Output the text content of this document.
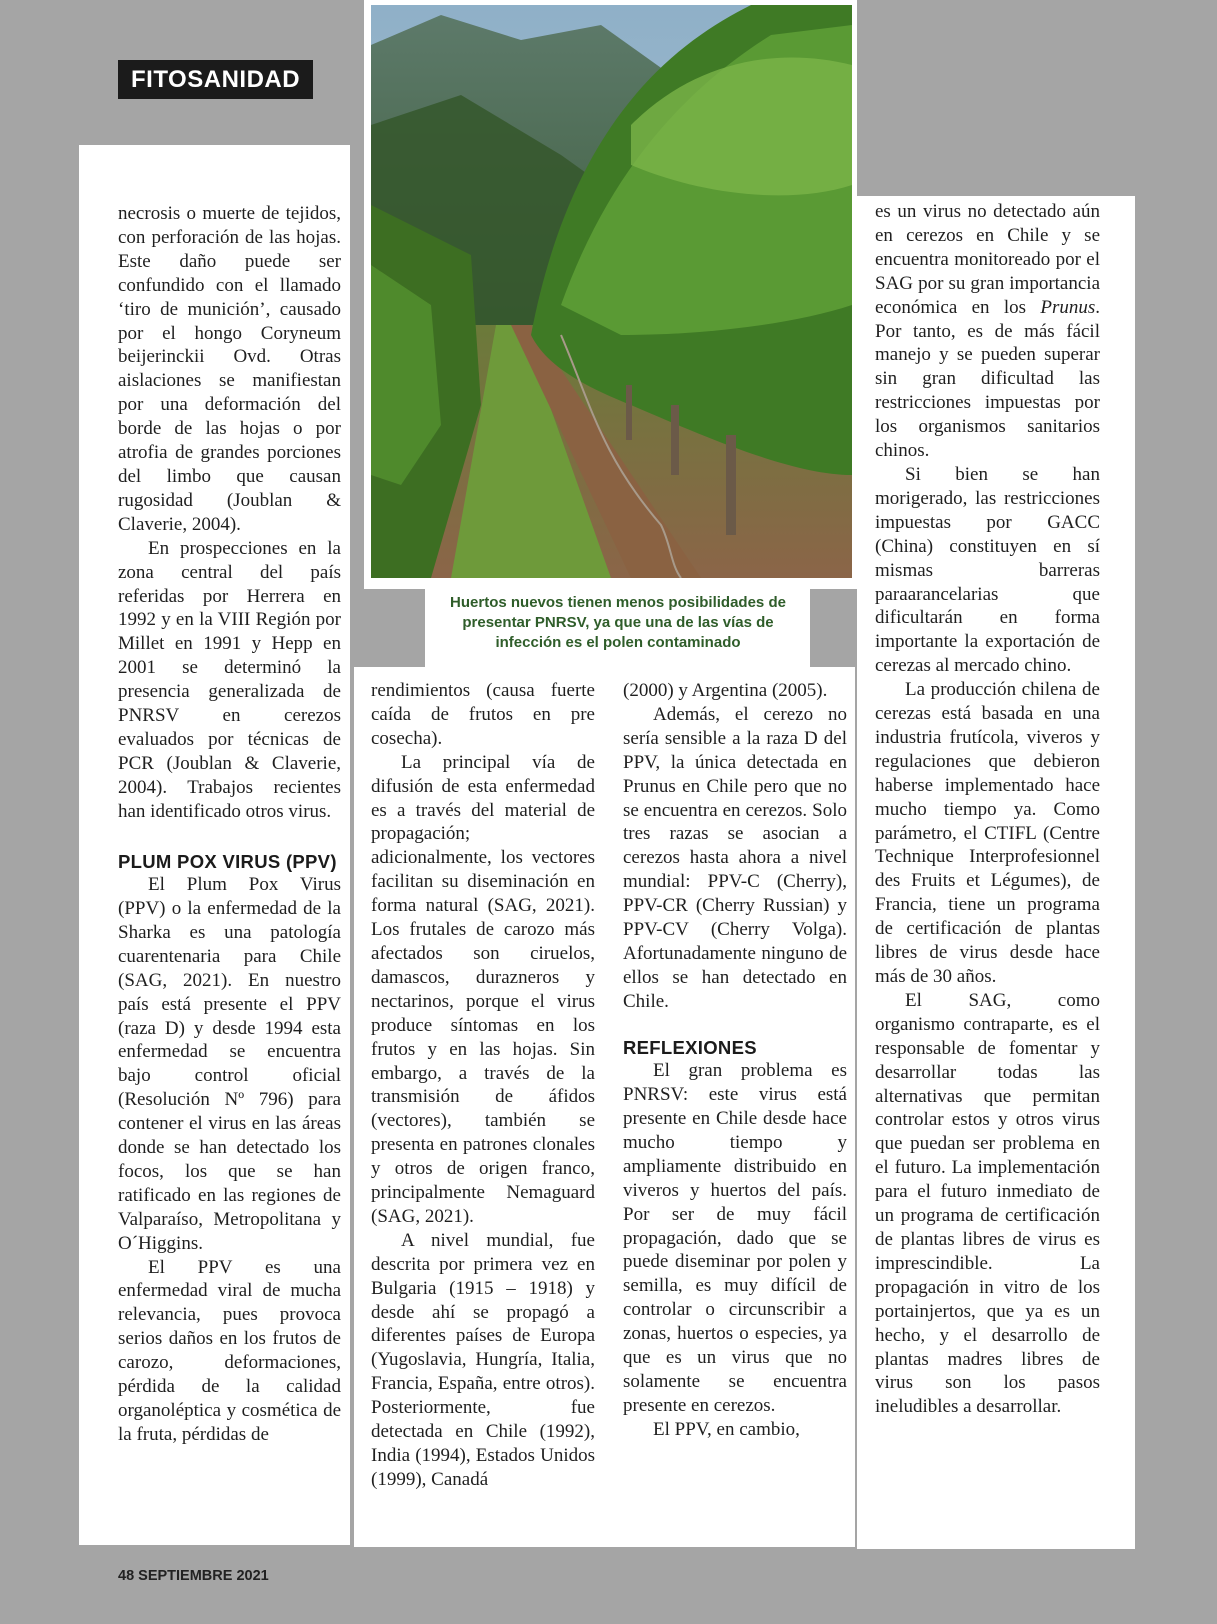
FITOSANIDAD

Huertos nuevos tienen menos posibilidades de presentar PNRSV, ya que una de las vías de infección es el polen contaminado

necrosis o muerte de tejidos, con perforación de las hojas. Este daño puede ser confundido con el llamado ‘tiro de munición’, causado por el hongo Coryneum beijerinckii Ovd. Otras aislaciones se manifiestan por una deformación del borde de las hojas o por atrofia de grandes porciones del limbo que causan rugosidad (Joublan & Claverie, 2004).

En prospecciones en la zona central del país referidas por Herrera en 1992 y en la VIII Región por Millet en 1991 y Hepp en 2001 se determinó la presencia generalizada de PNRSV en cerezos evaluados por técnicas de PCR (Joublan & Claverie, 2004). Trabajos recientes han identificado otros virus.

PLUM POX VIRUS (PPV)

El Plum Pox Virus (PPV) o la enfermedad de la Sharka es una patología cuarentenaria para Chile (SAG, 2021). En nuestro país está presente el PPV (raza D) y desde 1994 esta enfermedad se encuentra bajo control oficial (Resolución Nº 796) para contener el virus en las áreas donde se han detectado los focos, los que se han ratificado en las regiones de Valparaíso, Metropolitana y O´Higgins.

El PPV es una enfermedad viral de mucha relevancia, pues provoca serios daños en los frutos de carozo, deformaciones, pérdida de la calidad organoléptica y cosmética de la fruta, pérdidas de

rendimientos (causa fuerte caída de frutos en pre cosecha).

La principal vía de difusión de esta enfermedad es a través del material de propagación; adicionalmente, los vectores facilitan su diseminación en forma natural (SAG, 2021). Los frutales de carozo más afectados son ciruelos, damascos, durazneros y nectarinos, porque el virus produce síntomas en los frutos y en las hojas. Sin embargo, a través de la transmisión de áfidos (vectores), también se presenta en patrones clonales y otros de origen franco, principalmente Nemaguard (SAG, 2021).

A nivel mundial, fue descrita por primera vez en Bulgaria (1915 – 1918) y desde ahí se propagó a diferentes países de Europa (Yugoslavia, Hungría, Italia, Francia, España, entre otros). Posteriormente, fue detectada en Chile (1992), India (1994), Estados Unidos (1999), Canadá

(2000) y Argentina (2005).

Además, el cerezo no sería sensible a la raza D del PPV, la única detectada en Prunus en Chile pero que no se encuentra en cerezos. Solo tres razas se asocian a cerezos hasta ahora a nivel mundial: PPV-C (Cherry), PPV-CR (Cherry Russian) y PPV-CV (Cherry Volga). Afortunadamente ninguno de ellos se han detectado en Chile.

REFLEXIONES

El gran problema es PNRSV: este virus está presente en Chile desde hace mucho tiempo y ampliamente distribuido en viveros y huertos del país. Por ser de muy fácil propagación, dado que se puede diseminar por polen y semilla, es muy difícil de controlar o circunscribir a zonas, huertos o especies, ya que es un virus que no solamente se encuentra presente en cerezos.

El PPV, en cambio,

es un virus no detectado aún en cerezos en Chile y se encuentra monitoreado por el SAG por su gran importancia económica en los Prunus. Por tanto, es de más fácil manejo y se pueden superar sin gran dificultad las restricciones impuestas por los organismos sanitarios chinos.

Si bien se han morigerado, las restricciones impuestas por GACC (China) constituyen en sí mismas barreras paraarancelarias que dificultarán en forma importante la exportación de cerezas al mercado chino.

La producción chilena de cerezas está basada en una industria frutícola, viveros y regulaciones que debieron haberse implementado hace mucho tiempo ya. Como parámetro, el CTIFL (Centre Technique Interprofesionnel des Fruits et Légumes), de Francia, tiene un programa de certificación de plantas libres de virus desde hace más de 30 años.

El SAG, como organismo contraparte, es el responsable de fomentar y desarrollar todas las alternativas que permitan controlar estos y otros virus que puedan ser problema en el futuro. La implementación para el futuro inmediato de un programa de certificación de plantas libres de virus es imprescindible. La propagación in vitro de los portainjertos, que ya es un hecho, y el desarrollo de plantas madres libres de virus son los pasos ineludibles a desarrollar.

48 SEPTIEMBRE 2021
